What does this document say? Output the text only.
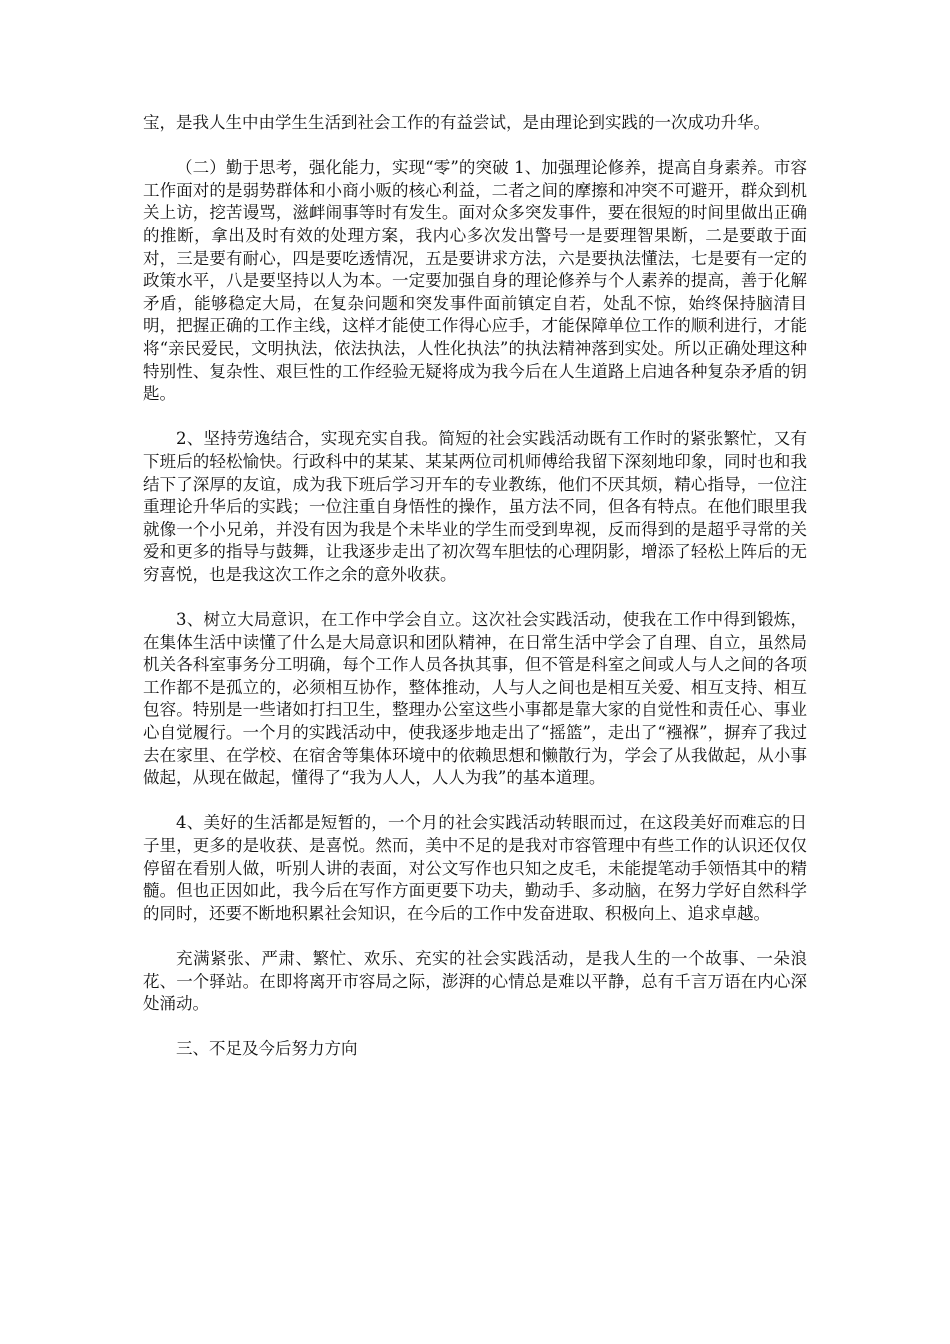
宝，是我人生中由学生生活到社会工作的有益尝试，是由理论到实践的一次成功升华。

（二）勤于思考，强化能力，实现“零”的突破 1、加强理论修养，提高自身素养。市容工作面对的是弱势群体和小商小贩的核心利益，二者之间的摩擦和冲突不可避开，群众到机关上访，挖苦谩骂，滋衅闹事等时有发生。面对众多突发事件，要在很短的时间里做出正确的推断，拿出及时有效的处理方案，我内心多次发出警号一是要理智果断，二是要敢于面对，三是要有耐心，四是要吃透情况，五是要讲求方法，六是要执法懂法，七是要有一定的政策水平，八是要坚持以人为本。一定要加强自身的理论修养与个人素养的提高，善于化解矛盾，能够稳定大局，在复杂问题和突发事件面前镇定自若，处乱不惊，始终保持脑清目明，把握正确的工作主线，这样才能使工作得心应手，才能保障单位工作的顺利进行，才能将“亲民爱民，文明执法，依法执法，人性化执法”的执法精神落到实处。所以正确处理这种特别性、复杂性、艰巨性的工作经验无疑将成为我今后在人生道路上启迪各种复杂矛盾的钥匙。

2、坚持劳逸结合，实现充实自我。简短的社会实践活动既有工作时的紧张繁忙，又有下班后的轻松愉快。行政科中的某某、某某两位司机师傅给我留下深刻地印象，同时也和我结下了深厚的友谊，成为我下班后学习开车的专业教练，他们不厌其烦，精心指导，一位注重理论升华后的实践；一位注重自身悟性的操作，虽方法不同，但各有特点。在他们眼里我就像一个小兄弟，并没有因为我是个未毕业的学生而受到卑视，反而得到的是超乎寻常的关爱和更多的指导与鼓舞，让我逐步走出了初次驾车胆怯的心理阴影，增添了轻松上阵后的无穷喜悦，也是我这次工作之余的意外收获。

3、树立大局意识，在工作中学会自立。这次社会实践活动，使我在工作中得到锻炼，在集体生活中读懂了什么是大局意识和团队精神，在日常生活中学会了自理、自立，虽然局机关各科室事务分工明确，每个工作人员各执其事，但不管是科室之间或人与人之间的各项工作都不是孤立的，必须相互协作，整体推动，人与人之间也是相互关爱、相互支持、相互包容。特别是一些诸如打扫卫生，整理办公室这些小事都是靠大家的自觉性和责任心、事业心自觉履行。一个月的实践活动中，使我逐步地走出了“摇篮”，走出了“襁褓”，摒弃了我过去在家里、在学校、在宿舍等集体环境中的依赖思想和懒散行为，学会了从我做起，从小事做起，从现在做起，懂得了“我为人人，人人为我”的基本道理。

4、美好的生活都是短暂的，一个月的社会实践活动转眼而过，在这段美好而难忘的日子里，更多的是收获、是喜悦。然而，美中不足的是我对市容管理中有些工作的认识还仅仅停留在看别人做，听别人讲的表面，对公文写作也只知之皮毛，未能提笔动手领悟其中的精髓。但也正因如此，我今后在写作方面更要下功夫，勤动手、多动脑，在努力学好自然科学的同时，还要不断地积累社会知识，在今后的工作中发奋进取、积极向上、追求卓越。

充满紧张、严肃、繁忙、欢乐、充实的社会实践活动，是我人生的一个故事、一朵浪花、一个驿站。在即将离开市容局之际，澎湃的心情总是难以平静，总有千言万语在内心深处涌动。

三、不足及今后努力方向
